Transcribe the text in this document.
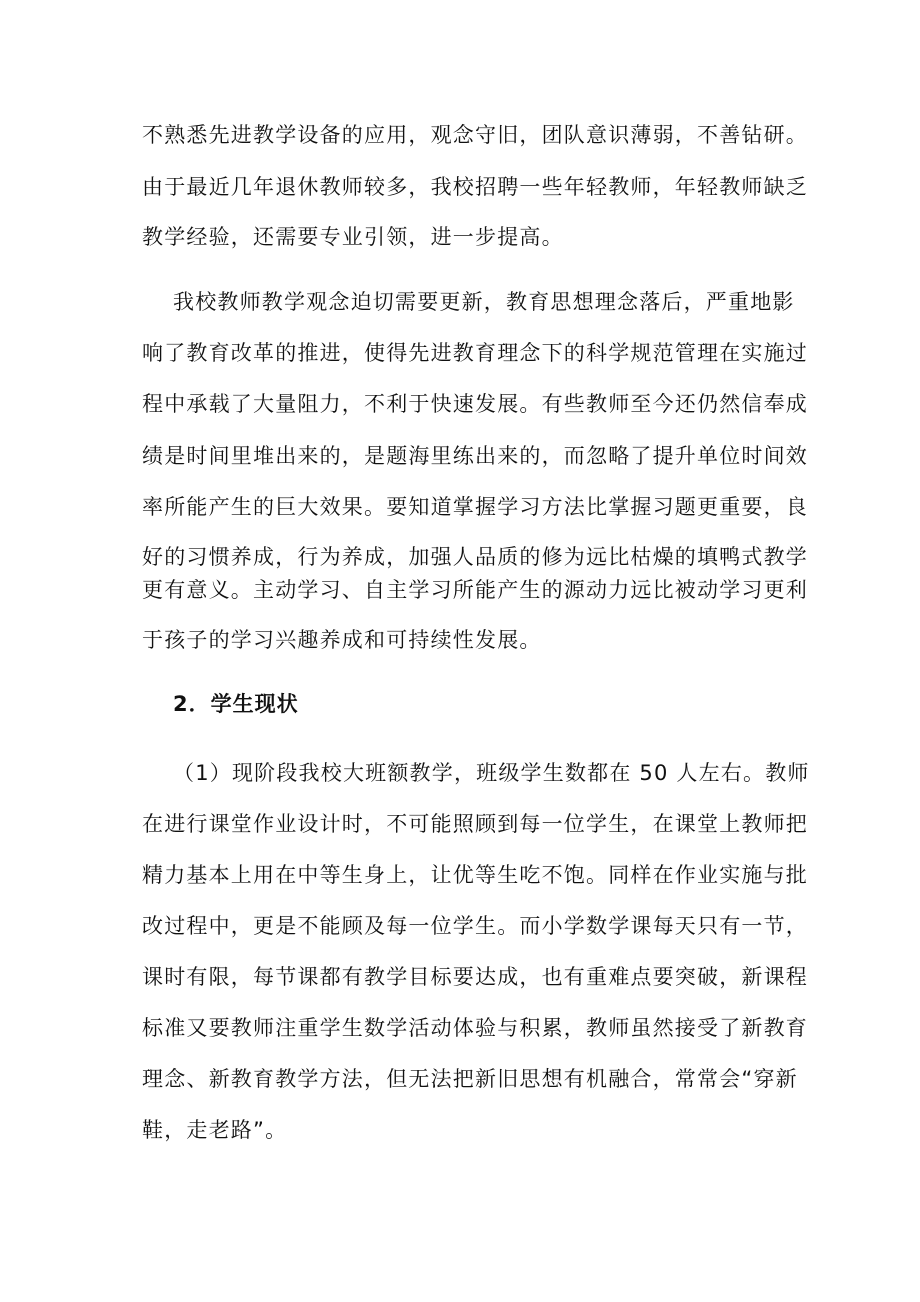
不熟悉先进教学设备的应用，观念守旧，团队意识薄弱，不善钻研。
由于最近几年退休教师较多，我校招聘一些年轻教师，年轻教师缺乏
教学经验，还需要专业引领，进一步提高。
我校教师教学观念迫切需要更新，教育思想理念落后，严重地影
响了教育改革的推进，使得先进教育理念下的科学规范管理在实施过
程中承载了大量阻力，不利于快速发展。有些教师至今还仍然信奉成
绩是时间里堆出来的，是题海里练出来的，而忽略了提升单位时间效
率所能产生的巨大效果。要知道掌握学习方法比掌握习题更重要，良
好的习惯养成，行为养成，加强人品质的修为远比枯燥的填鸭式教学
更有意义。主动学习、自主学习所能产生的源动力远比被动学习更利
于孩子的学习兴趣养成和可持续性发展。
2．学生现状
（1）现阶段我校大班额教学，班级学生数都在 50 人左右。教师
在进行课堂作业设计时，不可能照顾到每一位学生，在课堂上教师把
精力基本上用在中等生身上，让优等生吃不饱。同样在作业实施与批
改过程中，更是不能顾及每一位学生。而小学数学课每天只有一节，
课时有限，每节课都有教学目标要达成，也有重难点要突破，新课程
标准又要教师注重学生数学活动体验与积累，教师虽然接受了新教育
理念、新教育教学方法，但无法把新旧思想有机融合，常常会“穿新
鞋，走老路”。
